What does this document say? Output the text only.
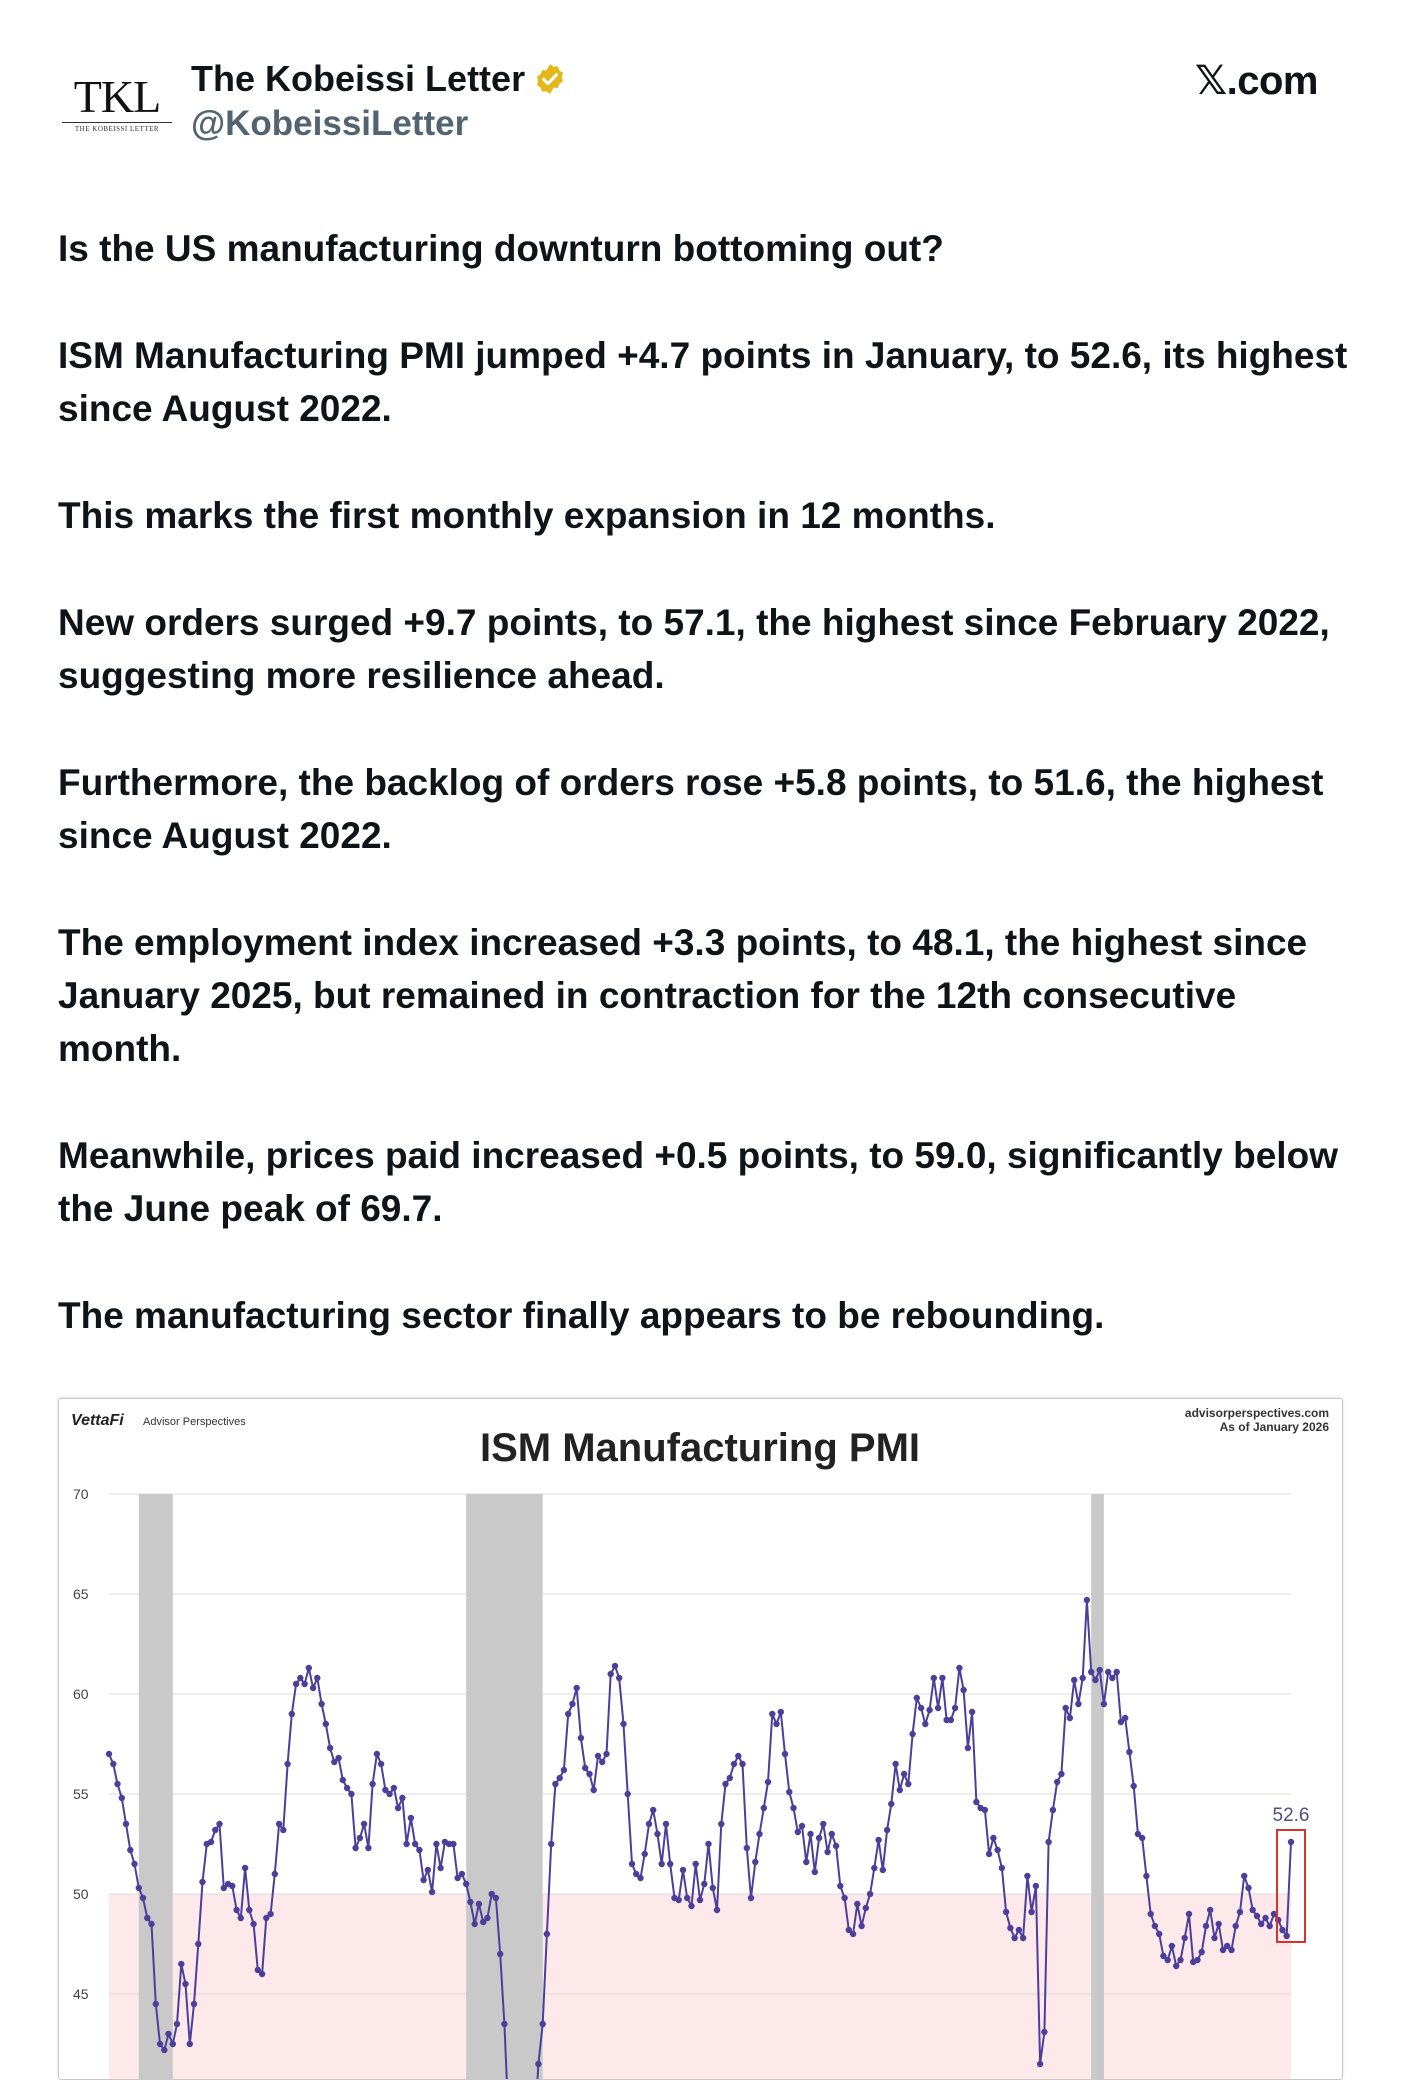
TKL
THE KOBEISSI LETTER
The Kobeissi Letter
@KobeissiLetter
𝕏.com

Is the US manufacturing downturn bottoming out?

ISM Manufacturing PMI jumped +4.7 points in January, to 52.6, its highest since August 2022.

This marks the first monthly expansion in 12 months.

New orders surged +9.7 points, to 57.1, the highest since February 2022, suggesting more resilience ahead.

Furthermore, the backlog of orders rose +5.8 points, to 51.6, the highest since August 2022.

The employment index increased +3.3 points, to 48.1, the highest since January 2025, but remained in contraction for the 12th consecutive month.

Meanwhile, prices paid increased +0.5 points, to 59.0, significantly below the June peak of 69.7.

The manufacturing sector finally appears to be rebounding.

70
65
60
55
50
45
52.6
ISM Manufacturing PMI
VettaFi Advisor Perspectives
advisorperspectives.com
As of January 2026
